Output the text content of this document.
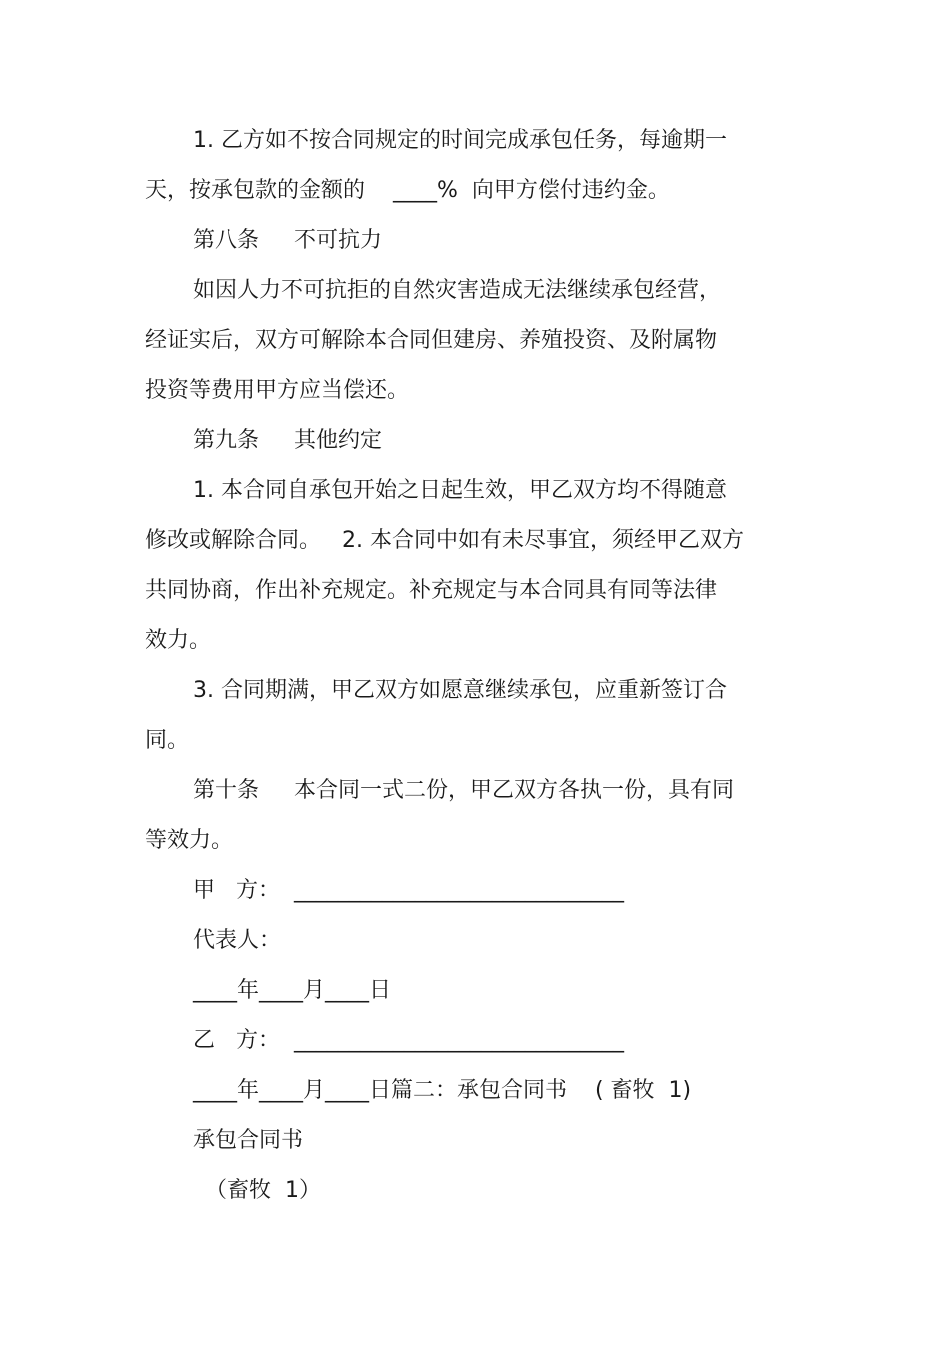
1. 乙方如不按合同规定的时间完成承包任务，每逾期一
天，按承包款的金额的    ____%  向甲方偿付违约金。
第八条     不可抗力
如因人力不可抗拒的自然灾害造成无法继续承包经营，
经证实后，双方可解除本合同但建房、养殖投资、及附属物
投资等费用甲方应当偿还。
第九条     其他约定
1. 本合同自承包开始之日起生效，甲乙双方均不得随意
修改或解除合同。   2. 本合同中如有未尽事宜，须经甲乙双方
共同协商，作出补充规定。补充规定与本合同具有同等法律
效力。
3. 合同期满，甲乙双方如愿意继续承包，应重新签订合
同。
第十条     本合同一式二份，甲乙双方各执一份，具有同
等效力。
甲   方：  ______________________________
代表人：
____年____月____日
乙   方：  ______________________________
____年____月____日篇二：承包合同书    ( 畜牧  1)
承包合同书
（畜牧  1）
